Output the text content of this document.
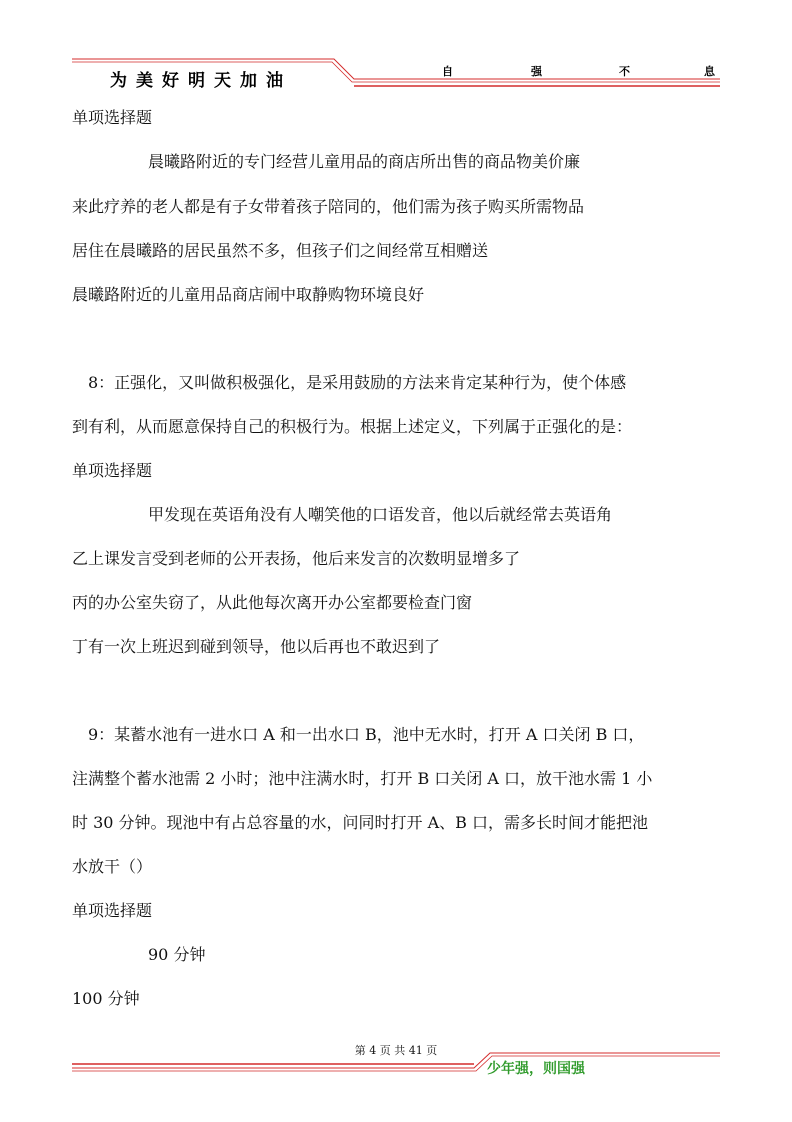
为美好明天加油	自	强	不	息
单项选择题
晨曦路附近的专门经营儿童用品的商店所出售的商品物美价廉
来此疗养的老人都是有子女带着孩子陪同的，他们需为孩子购买所需物品
居住在晨曦路的居民虽然不多，但孩子们之间经常互相赠送
晨曦路附近的儿童用品商店闹中取静购物环境良好
8：正强化，又叫做积极强化，是采用鼓励的方法来肯定某种行为，使个体感
到有利，从而愿意保持自己的积极行为。根据上述定义，下列属于正强化的是：
单项选择题
甲发现在英语角没有人嘲笑他的口语发音，他以后就经常去英语角
乙上课发言受到老师的公开表扬，他后来发言的次数明显增多了
丙的办公室失窃了，从此他每次离开办公室都要检查门窗
丁有一次上班迟到碰到领导，他以后再也不敢迟到了
9：某蓄水池有一进水口 A 和一出水口 B，池中无水时，打开 A 口关闭 B 口，
注满整个蓄水池需 2 小时；池中注满水时，打开 B 口关闭 A 口，放干池水需 1 小
时 30 分钟。现池中有占总容量的水，问同时打开 A、B 口，需多长时间才能把池
水放干（）
单项选择题
90 分钟
100 分钟
第 4 页 共 41 页
少年强，则国强
